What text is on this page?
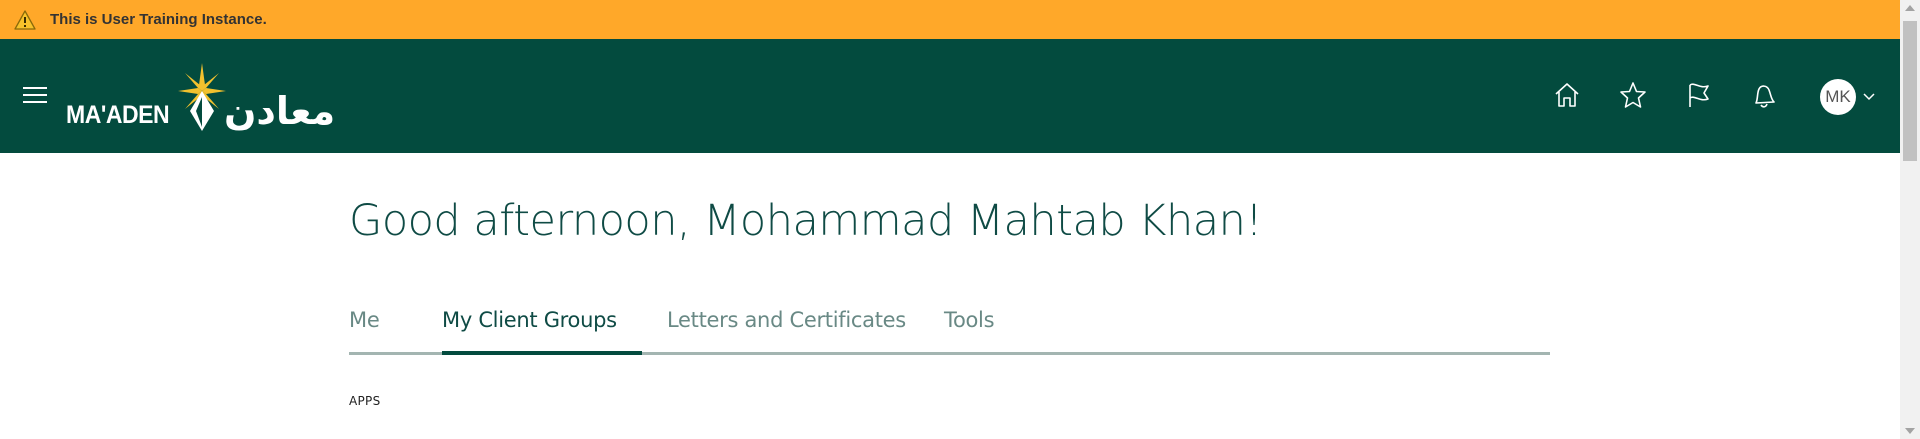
This is User Training Instance.
MA'ADEN معادن	MK
Good afternoon, Mohammad Mahtab Khan!
Me	My Client Groups Letters and Certificates Tools
APPS
